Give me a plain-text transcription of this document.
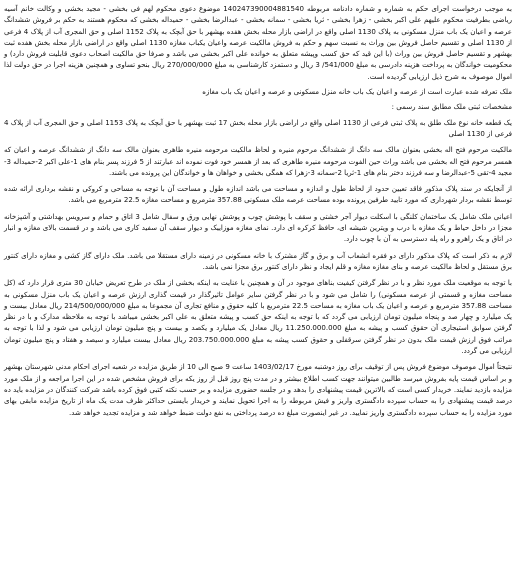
به موجب درخواست اجرای حکم به شماره و شماره دادنامه مربوطه 140247390004881540 موضوع دعوی محکوم لهم فی بخشی - مجید بخشی و وکالت خانم آسیه ریاضی بطرفیت محکوم علیهم علی اکبر بخشی - زهرا بخشی - ثریا بخشی - سمانه بخشی - عبدالرضا بخشی - حمیداله بخشی که محکوم هستند به حکم بر فروش ششدانگ عرصه و اعیان یک باب منزل مسکونی به پلاک 1130 اصلی واقع در اراضی بازار محله بخش هفده بهشهر با حق آبچک به پلاک 1152 اصلی و حق المجری آب از پلاک 4 فرعی از 1130 اصلی و تقسیم حاصل فروش بین وراث به نسبت سهم و حکم به فروش مالکیت عرصه واعیان یکباب مغازه 1130 اصلی واقع در اراضی بازار محله بخش هفده ثبت بهشهر و تقسیم حاصل فروش بین وراث (با این قید که حق کسب وپیشه متعلق به خوانده علی اکبر بخشی می باشد و صرفا حق مالکیت اصحاب دعوی قابلیت فروش دارد) و محکومیت خواندگان به پرداخت هزینه دادرسی به مبلغ 541/000/ 3 ریال و دستمزد کارشناسی به مبلغ 270/000/000 ریال بنحو تساوی و همچنین هزینه اجرا در حق دولت لذا اموال موصوف به شرح ذیل ارزیابی گردیده است.

ملک تعرفه شده عبارت است از عرصه و اعیان یک باب خانه منزل مسکونی و عرصه و اعیان یک باب مغازه

مشخصات ثبتی ملک مطابق سند رسمی :

یک قطعه خانه نوع ملک طلق به پلاک ثبتی فرعی از 1130 اصلی واقع در اراضی بازار محله بخش 17 ثبت بهشهر با حق آبچک به پلاک 1153 اصلی و حق المجری آب از پلاک 4 فرعی از 1130 اصلی

مالکیت مرحوم فتح اله بخشی بعنوان مالک سه دانگ از ششدانگ مرحوم منیره و لحاظ مالکیت مرحومه منیره طاهری بعنوان مالک سه دانگ از ششدانگ عرصه و اعیان که همسر مرحوم فتح اله بخشی می باشد وراث حین الفوت مرحومه منیره طاهری که بعد از همسر خود فوت نموده اند عبارتند از 5 فرزند پسر بنام های 1-علی اکبر 2-حمیداله 3-مجید 4-تقی 5-عبدالرضا و سه فرزند دختر بنام های 1-ثریا 2-سمانه 3-زهرا که همگی بخشی و خواهان ها و خواندگان این پرونده می باشند.

از آنجایکه در سند پلاک مذکور فاقد تعیین حدود از لحاظ طول و اندازه و مساحت می باشد اندازه طول و مساحت آن با توجه به مساحی و کروکی و نقشه برداری ارائه شده توسط نقشه بردار شهرداری که مورد تایید طرفین پرونده بوده مساحت عرصه ملک مسکونی 357.88 مترمربع و مساحت مغازه 22.5 مترمربع می باشد.

اعیانی ملک شامل یک ساختمان کلنگی با اسکلت دیوار آجر خشتی و سقف با پوشش چوب و پوشش نهایی ورق و سفال شامل 3 اتاق و حمام و سرویس بهداشتی و آشپزخانه مجزا در داخل حیاط و یک مغازه با درب و ویترین شیشه ای، حافظ کرکره ای دارد. نمای مغازه موزاییک و دیوار سقف آن سفید کاری می باشد و در قسمت بالای مغازه و انبار در اتاق و یک راهرو و راه پله دسترسی به آن با چوب دارد.

لازم به ذکر است که پلاک مذکور دارای دو فقره انشعاب آب و برق و گاز مشترک با خانه مسکونی در زمینه دارای مستقلا می باشد. ملک دارای گاز کشی و مغازه دارای کنتور برق مستقل و لحاظ مالکیت عرصه و بنای مغازه مغازه و قلم ایجاد و نظر دارای کنتور برق مجزا نمی باشد.

با توجه به موقعیت ملک مورد نظر و با در نظر گرفتن کیفیت بناهای موجود در آن و همچنین با عنایت به اینکه بخشی از ملک در طرح تعریض خیابان 30 متری قرار دارد که (کل مساحت مغازه و قسمتی از عرصه مسکونی) را شامل می شود و با در نظر گرفتن سایر عوامل تاثیرگذار در قیمت گذاری ارزش عرصه و اعیان یک باب منزل مسکونی به مساحت 357.88 مترمربع و عرصه و اعیان یک باب مغازه به مساحت 22.5 مترمربع با کلیه حقوق و منافع تجاری آن مجموعا به مبلغ 214/500/000/000 ریال معادل بیست و یک میلیارد و چهار صد و پنجاه میلیون تومان ارزیابی می گردد که با توجه به اینکه حق کسب و پیشه متعلق به علی اکبر بخشی میباشد با توجه به ملاحظه مدارک و با در نظر گرفتن سوابق استیجاری آن حقوق کسب و پیشه به مبلغ 11.250.000.000 ریال معادل یک میلیارد و یکصد و بیست و پنج میلیون تومان ارزیابی می شود و لذا با توجه به مراتب فوق ارزش قیمت ملک بدون در نظر گرفتن سرقفلی و حقوق کسب پیشه به مبلغ 203.750.000.000 ریال معادل بیست میلیارد و سیصد و هفتاد و پنج میلیون تومان ارزیابی می گردد.

نتیجتاً اموال موصوف موضوع فروش پس از توقیف برای روز دوشنبه مورخ 1403/02/17 ساعت 9 صبح الی 10 از طریق مزایده در شعبه اجرای احکام مدنی شهرستان بهشهر و بر اساس قیمت پایه بفروش میرسد طالبین میتوانند جهت کسب اطلاع بیشتر و در مدت پنج روز قبل از روز یکه برای فروش مشخص شده در این اجرا مراجعه و از ملک مورد مزایده بازدید نمایند. خریدار کسی است که بالاترین قیمت پیشنهادی را بدهد و در جلسه حضوری مزایده و بر حسب نکته کتبی فوق کرده باشد شرکت کنندگان در مزایده باید ده درصد قیمت پیشنهادی را به حساب سپرده دادگستری واریز و فیش مربوطه را به اجرا تحویل نمایند و خریدار بایستی حداکثر ظرف مدت یک ماه از تاریخ مزایده مابقی بهای مورد مزایده را به حساب سپرده دادگستری واریز نمایید. در غیر اینصورت مبلغ ده درصد پرداختی به نفع دولت ضبط خواهد شد و مزایده تجدید خواهد شد.
